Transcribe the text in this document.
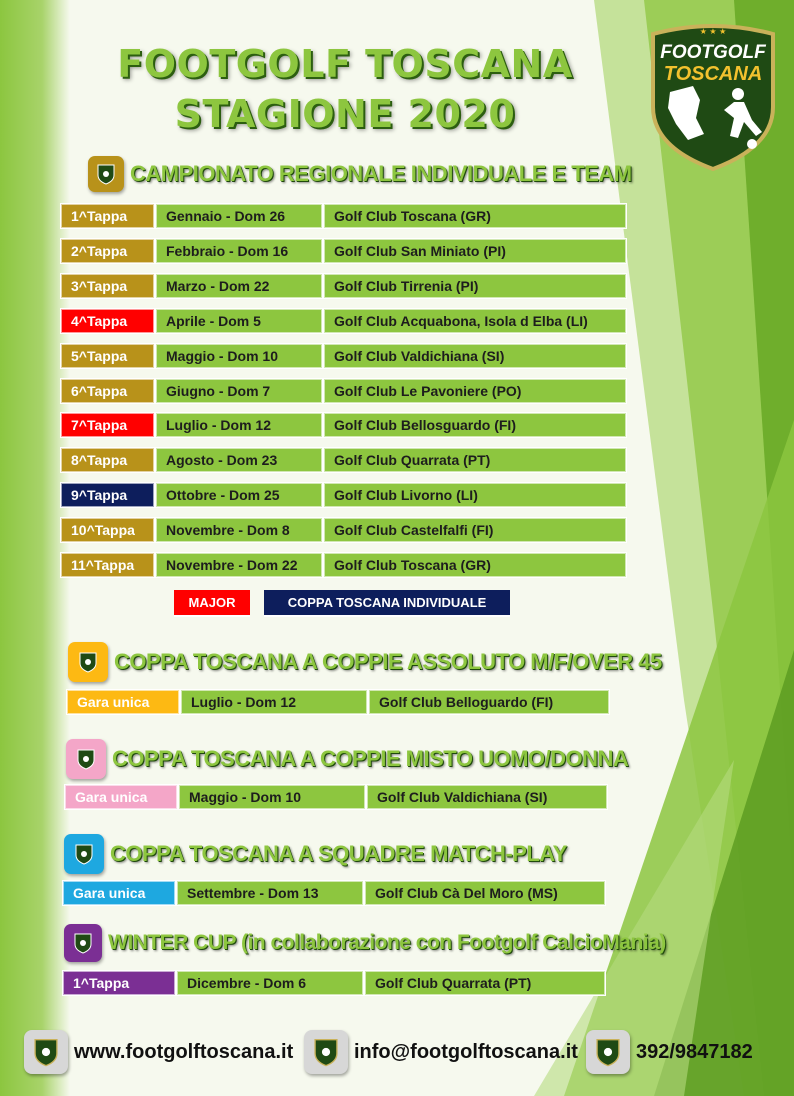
FOOTGOLF TOSCANA
STAGIONE 2020
FOOTGOLF
TOSCANA
★ ★ ★
CAMPIONATO REGIONALE INDIVIDUALE E TEAM
1^Tappa	Gennaio - Dom 26	Golf Club Toscana (GR)
2^Tappa	Febbraio - Dom 16	Golf Club San Miniato (PI)
3^Tappa	Marzo - Dom 22	Golf Club Tirrenia (PI)
4^Tappa	Aprile - Dom 5	Golf Club Acquabona, Isola d Elba (LI)
5^Tappa	Maggio - Dom 10	Golf Club Valdichiana (SI)
6^Tappa	Giugno - Dom 7	Golf Club Le Pavoniere (PO)
7^Tappa	Luglio - Dom 12	Golf Club Bellosguardo (FI)
8^Tappa	Agosto - Dom 23	Golf Club Quarrata (PT)
9^Tappa	Ottobre - Dom 25	Golf Club Livorno (LI)
10^Tappa	Novembre - Dom 8	Golf Club Castelfalfi (FI)
11^Tappa	Novembre - Dom 22	Golf Club Toscana (GR)
MAJOR	COPPA TOSCANA INDIVIDUALE
COPPA TOSCANA A COPPIE ASSOLUTO M/F/OVER 45
Gara unica	Luglio - Dom 12	Golf Club Belloguardo (FI)
COPPA TOSCANA A COPPIE MISTO UOMO/DONNA
Gara unica	Maggio - Dom 10	Golf Club Valdichiana (SI)
COPPA TOSCANA A SQUADRE MATCH-PLAY
Gara unica	Settembre - Dom 13	Golf Club Cà Del Moro (MS)
WINTER CUP (in collaborazione con Footgolf CalcioMania)
1^Tappa	Dicembre - Dom 6	Golf Club Quarrata (PT)
www.footgolftoscana.it	info@footgolftoscana.it	392/9847182
